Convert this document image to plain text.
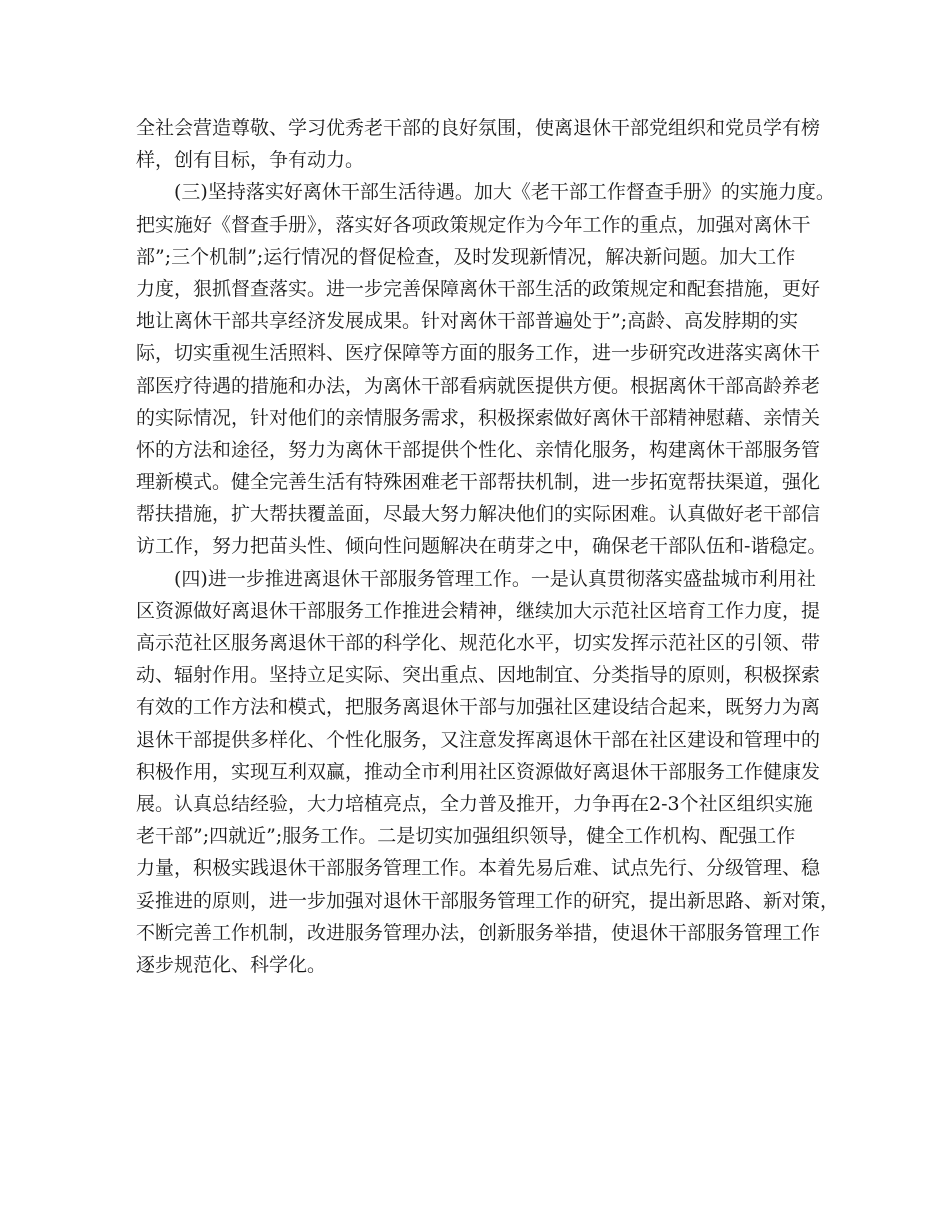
全社会营造尊敬、学习优秀老干部的良好氛围，使离退休干部党组织和党员学有榜
样，创有目标，争有动力。
(三)坚持落实好离休干部生活待遇。加大《老干部工作督查手册》的实施力度。
把实施好《督查手册》，落实好各项政策规定作为今年工作的重点，加强对离休干
部”;三个机制”;运行情况的督促检查，及时发现新情况，解决新问题。加大工作
力度，狠抓督查落实。进一步完善保障离休干部生活的政策规定和配套措施，更好
地让离休干部共享经济发展成果。针对离休干部普遍处于”;高龄、高发脖期的实
际，切实重视生活照料、医疗保障等方面的服务工作，进一步研究改进落实离休干
部医疗待遇的措施和办法，为离休干部看病就医提供方便。根据离休干部高龄养老
的实际情况，针对他们的亲情服务需求，积极探索做好离休干部精神慰藉、亲情关
怀的方法和途径，努力为离休干部提供个性化、亲情化服务，构建离休干部服务管
理新模式。健全完善生活有特殊困难老干部帮扶机制，进一步拓宽帮扶渠道，强化
帮扶措施，扩大帮扶覆盖面，尽最大努力解决他们的实际困难。认真做好老干部信
访工作，努力把苗头性、倾向性问题解决在萌芽之中，确保老干部队伍和-谐稳定。
(四)进一步推进离退休干部服务管理工作。一是认真贯彻落实盛盐城市利用社
区资源做好离退休干部服务工作推进会精神，继续加大示范社区培育工作力度，提
高示范社区服务离退休干部的科学化、规范化水平，切实发挥示范社区的引领、带
动、辐射作用。坚持立足实际、突出重点、因地制宜、分类指导的原则，积极探索
有效的工作方法和模式，把服务离退休干部与加强社区建设结合起来，既努力为离
退休干部提供多样化、个性化服务，又注意发挥离退休干部在社区建设和管理中的
积极作用，实现互利双赢，推动全市利用社区资源做好离退休干部服务工作健康发
展。认真总结经验，大力培植亮点，全力普及推开，力争再在2-3个社区组织实施
老干部”;四就近”;服务工作。二是切实加强组织领导，健全工作机构、配强工作
力量，积极实践退休干部服务管理工作。本着先易后难、试点先行、分级管理、稳
妥推进的原则，进一步加强对退休干部服务管理工作的研究，提出新思路、新对策，
不断完善工作机制，改进服务管理办法，创新服务举措，使退休干部服务管理工作
逐步规范化、科学化。
